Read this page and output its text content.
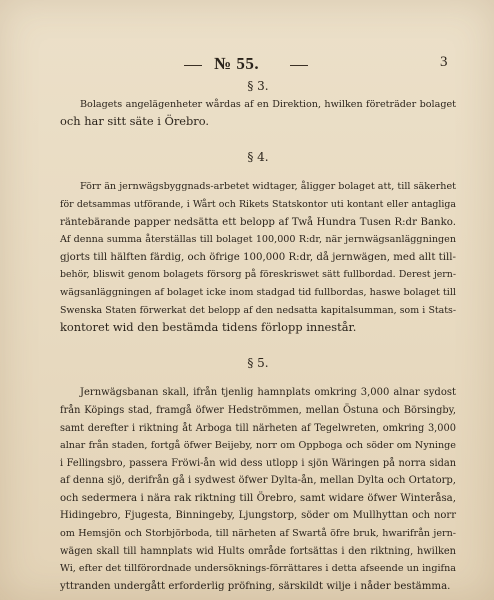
№ 55.	3

§ 3.

Bolagets angelägenheter wårdas af en Direktion, hwilken företräder bolaget
och har sitt säte i Örebro.

§ 4.

Förr än jernwägsbyggnads-arbetet widtager, åligger bolaget att, till säkerhet
för detsammas utförande, i Wårt och Rikets Statskontor uti kontant eller antagliga
räntebärande papper nedsätta ett belopp af Twå Hundra Tusen R:dr Banko.
Af denna summa återställas till bolaget 100,000 R:dr, när jernwägsanläggningen
gjorts till hälften färdig, och öfrige 100,000 R:dr, då jernwägen, med allt till-
behör, bliswit genom bolagets försorg på föreskriswet sätt fullbordad. Derest jern-
wägsanläggningen af bolaget icke inom stadgad tid fullbordas, haswe bolaget till
Swenska Staten förwerkat det belopp af den nedsatta kapitalsumman, som i Stats-
kontoret wid den bestämda tidens förlopp innestår.

§ 5.

Jernwägsbanan skall, ifrån tjenlig hamnplats omkring 3,000 alnar sydost
från Köpings stad, framgå öfwer Hedströmmen, mellan Östuna och Börsingby,
samt derefter i riktning åt Arboga till närheten af Tegelwreten, omkring 3,000
alnar från staden, fortgå öfwer Beijeby, norr om Oppboga och söder om Nyninge
i Fellingsbro, passera Fröwi-ån wid dess utlopp i sjön Wäringen på norra sidan
af denna sjö, derifrån gå i sydwest öfwer Dylta-ån, mellan Dylta och Ortatorp,
och sedermera i nära rak riktning till Örebro, samt widare öfwer Winteråsa,
Hidingebro, Fjugesta, Binningeby, Ljungstorp, söder om Mullhyttan och norr
om Hemsjön och Storbjörboda, till närheten af Swartå öfre bruk, hwarifrån jern-
wägen skall till hamnplats wid Hults område fortsättas i den riktning, hwilken
Wi, efter det tillförordnade undersöknings-förrättares i detta afseende un ingifna
yttranden undergått erforderlig pröfning, särskildt wilje i nåder bestämma.
